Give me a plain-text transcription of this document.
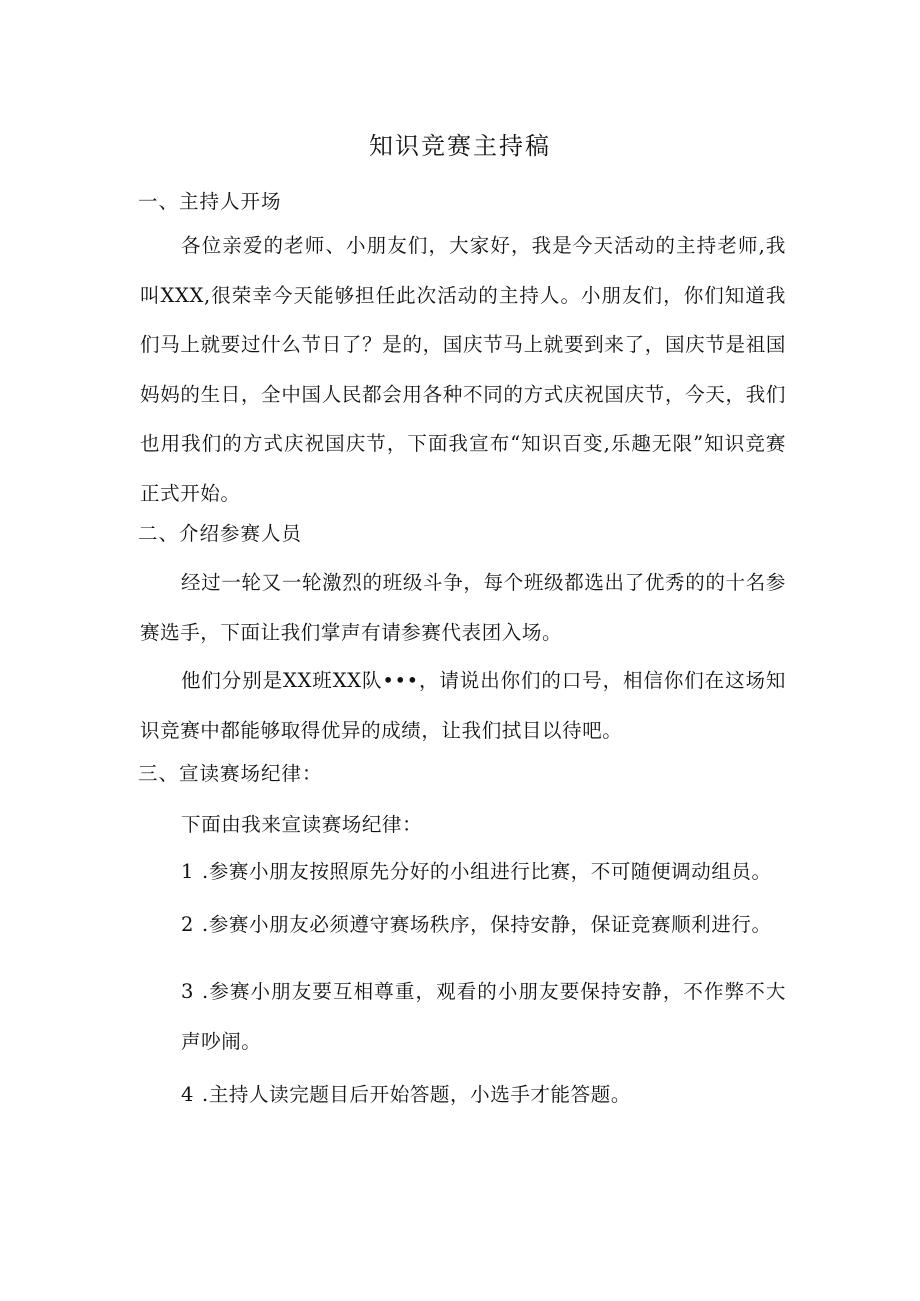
知识竞赛主持稿
一、主持人开场

各位亲爱的老师、小朋友们，大家好，我是今天活动的主持老师,我叫XXX,很荣幸今天能够担任此次活动的主持人。小朋友们，你们知道我们马上就要过什么节日了？是的，国庆节马上就要到来了，国庆节是祖国妈妈的生日，全中国人民都会用各种不同的方式庆祝国庆节，今天，我们也用我们的方式庆祝国庆节，下面我宣布“知识百变,乐趣无限”知识竞赛正式开始。

二、介绍参赛人员

经过一轮又一轮激烈的班级斗争，每个班级都选出了优秀的的十名参赛选手，下面让我们掌声有请参赛代表团入场。

他们分别是XX班XX队•••，请说出你们的口号，相信你们在这场知识竞赛中都能够取得优异的成绩，让我们拭目以待吧。

三、宣读赛场纪律：
下面由我来宣读赛场纪律：

1 .参赛小朋友按照原先分好的小组进行比赛，不可随便调动组员。

2 .参赛小朋友必须遵守赛场秩序，保持安静，保证竞赛顺利进行。

3 .参赛小朋友要互相尊重，观看的小朋友要保持安静，不作弊不大声吵闹。

4 .主持人读完题目后开始答题，小选手才能答题。
